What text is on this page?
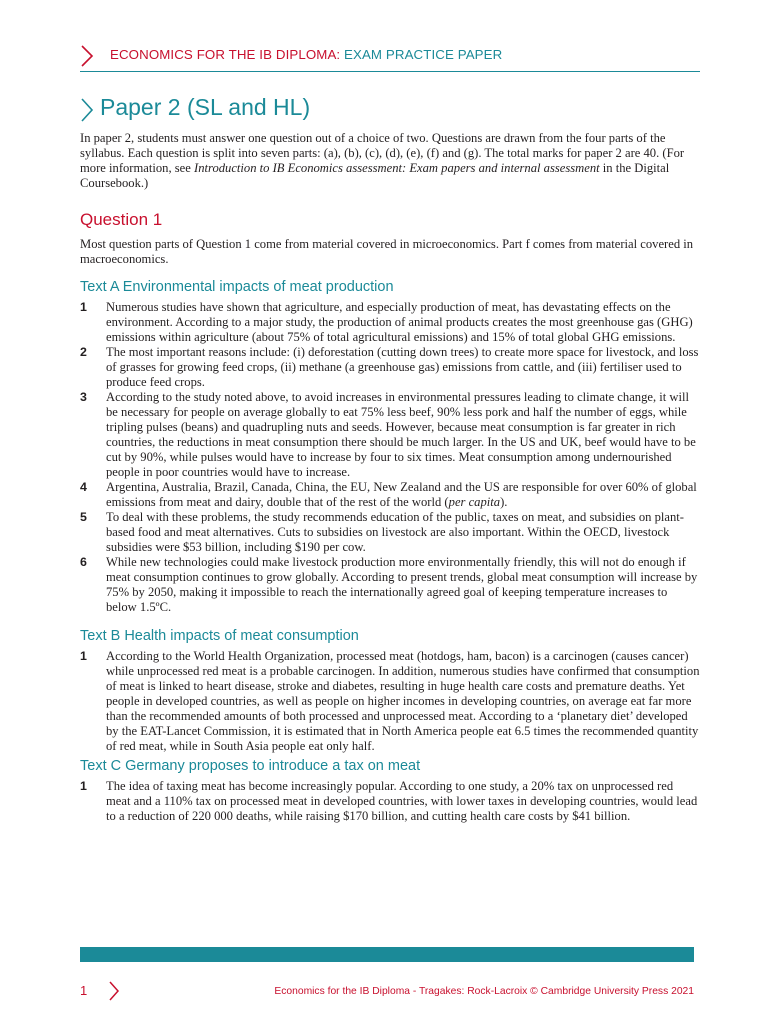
ECONOMICS FOR THE IB DIPLOMA: EXAM PRACTICE PAPER
Paper 2 (SL and HL)

In paper 2, students must answer one question out of a choice of two. Questions are drawn from the four parts of the syllabus. Each question is split into seven parts: (a), (b), (c), (d), (e), (f) and (g). The total marks for paper 2 are 40. (For more information, see Introduction to IB Economics assessment: Exam papers and internal assessment in the Digital Coursebook.)

Question 1

Most question parts of Question 1 come from material covered in microeconomics. Part f comes from material covered in macroeconomics.

Text A Environmental impacts of meat production
1 Numerous studies have shown that agriculture, and especially production of meat, has devastating effects on the environment. According to a major study, the production of animal products creates the most greenhouse gas (GHG) emissions within agriculture (about 75% of total agricultural emissions) and 15% of total global GHG emissions.
2 The most important reasons include: (i) deforestation (cutting down trees) to create more space for livestock, and loss of grasses for growing feed crops, (ii) methane (a greenhouse gas) emissions from cattle, and (iii) fertiliser used to produce feed crops.
3 According to the study noted above, to avoid increases in environmental pressures leading to climate change, it will be necessary for people on average globally to eat 75% less beef, 90% less pork and half the number of eggs, while tripling pulses (beans) and quadrupling nuts and seeds. However, because meat consumption is far greater in rich countries, the reductions in meat consumption there should be much larger. In the US and UK, beef would have to be cut by 90%, while pulses would have to increase by four to six times. Meat consumption among undernourished people in poor countries would have to increase.
4 Argentina, Australia, Brazil, Canada, China, the EU, New Zealand and the US are responsible for over 60% of global emissions from meat and dairy, double that of the rest of the world (per capita).
5 To deal with these problems, the study recommends education of the public, taxes on meat, and subsidies on plant-based food and meat alternatives. Cuts to subsidies on livestock are also important. Within the OECD, livestock subsidies were $53 billion, including $190 per cow.
6 While new technologies could make livestock production more environmentally friendly, this will not do enough if meat consumption continues to grow globally. According to present trends, global meat consumption will increase by 75% by 2050, making it impossible to reach the internationally agreed goal of keeping temperature increases to below 1.5ºC.
Text B Health impacts of meat consumption
1 According to the World Health Organization, processed meat (hotdogs, ham, bacon) is a carcinogen (causes cancer) while unprocessed red meat is a probable carcinogen. In addition, numerous studies have confirmed that consumption of meat is linked to heart disease, stroke and diabetes, resulting in huge health care costs and premature deaths. Yet people in developed countries, as well as people on higher incomes in developing countries, on average eat far more than the recommended amounts of both processed and unprocessed meat. According to a ‘planetary diet’ developed by the EAT-Lancet Commission, it is estimated that in North America people eat 6.5 times the recommended quantity of red meat, while in South Asia people eat only half.
Text C Germany proposes to introduce a tax on meat
1 The idea of taxing meat has become increasingly popular. According to one study, a 20% tax on unprocessed red meat and a 110% tax on processed meat in developed countries, with lower taxes in developing countries, would lead to a reduction of 220 000 deaths, while raising $170 billion, and cutting health care costs by $41 billion.
1	Economics for the IB Diploma - Tragakes: Rock-Lacroix © Cambridge University Press 2021
